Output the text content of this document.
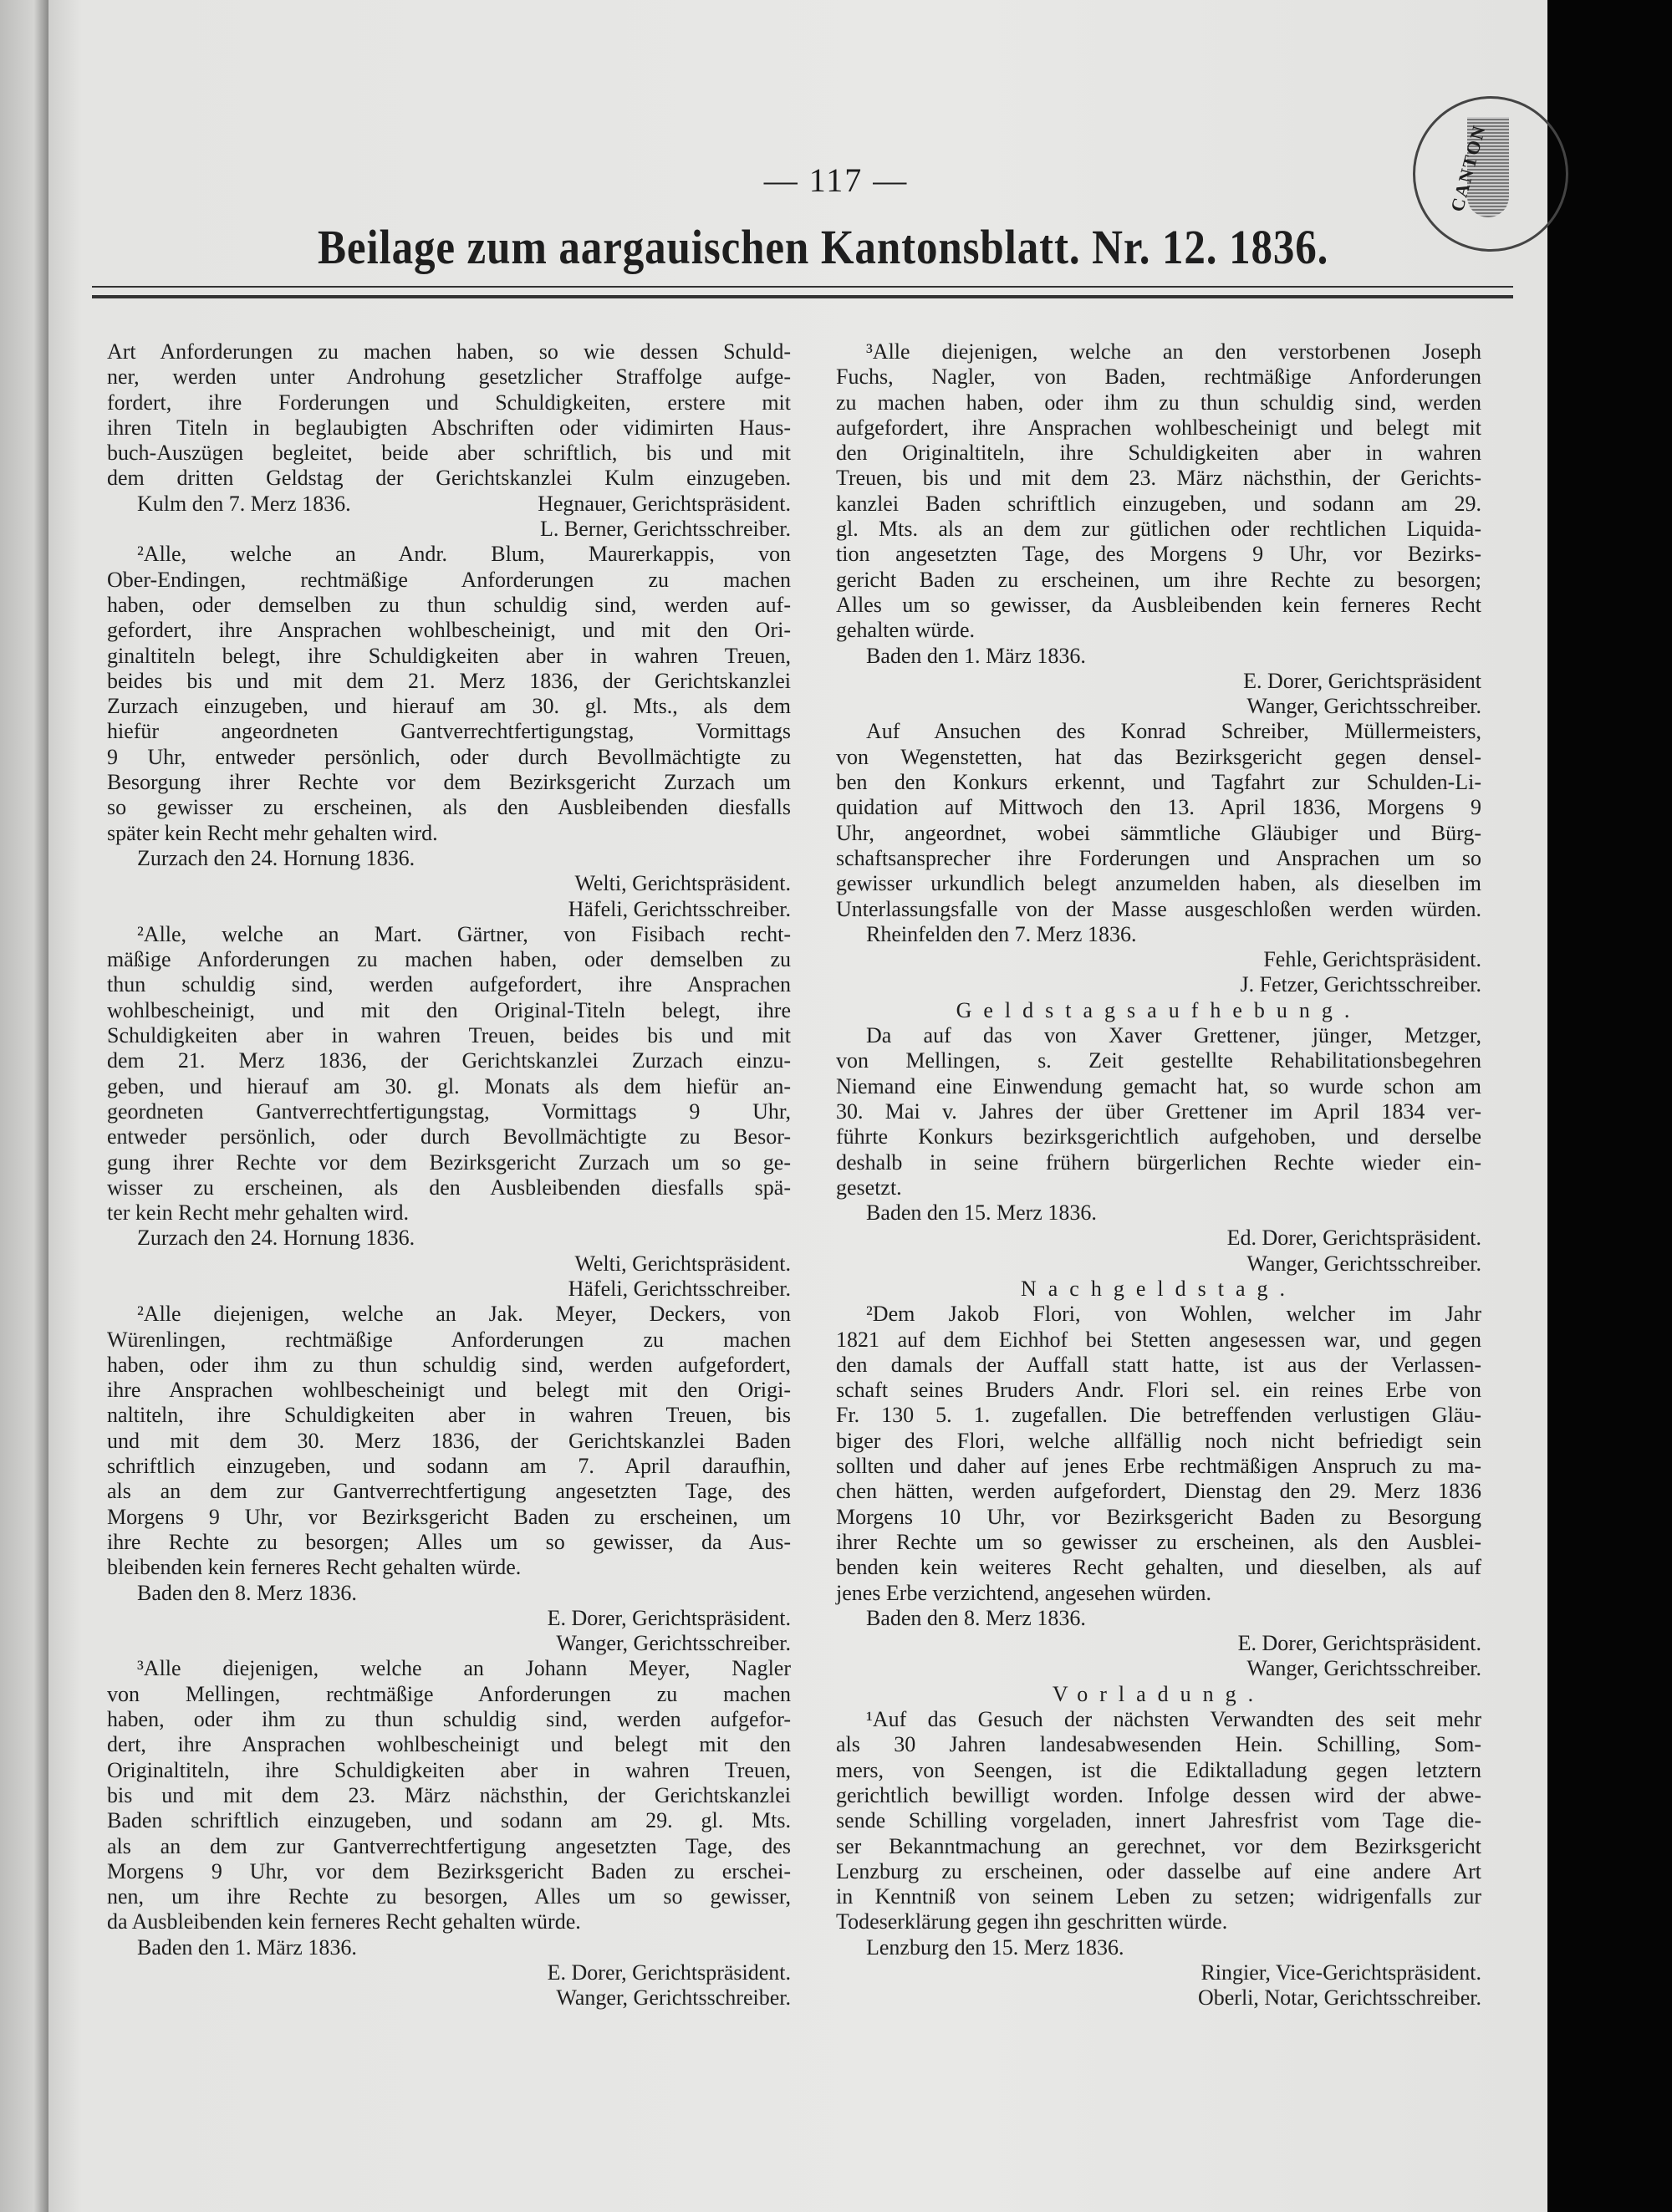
— 117 —
Beilage zum aargauischen Kantonsblatt. Nr. 12. 1836.
CANTON
Art Anforderungen zu machen haben, so wie dessen Schuld-
ner, werden unter Androhung gesetzlicher Straffolge aufge-
fordert, ihre Forderungen und Schuldigkeiten, erstere mit
ihren Titeln in beglaubigten Abschriften oder vidimirten Haus-
buch-Auszügen begleitet, beide aber schriftlich, bis und mit
dem dritten Geldstag der Gerichtskanzlei Kulm einzugeben.
Kulm den 7. Merz 1836.	Hegnauer, Gerichtspräsident.
L. Berner, Gerichtsschreiber.
²Alle, welche an Andr. Blum, Maurerkappis, von
Ober-Endingen, rechtmäßige Anforderungen zu machen
haben, oder demselben zu thun schuldig sind, werden auf-
gefordert, ihre Ansprachen wohlbescheinigt, und mit den Ori-
ginaltiteln belegt, ihre Schuldigkeiten aber in wahren Treuen,
beides bis und mit dem 21. Merz 1836, der Gerichtskanzlei
Zurzach einzugeben, und hierauf am 30. gl. Mts., als dem
hiefür angeordneten Gantverrechtfertigungstag, Vormittags
9 Uhr, entweder persönlich, oder durch Bevollmächtigte zu
Besorgung ihrer Rechte vor dem Bezirksgericht Zurzach um
so gewisser zu erscheinen, als den Ausbleibenden diesfalls
später kein Recht mehr gehalten wird.
Zurzach den 24. Hornung 1836.
Welti, Gerichtspräsident.
Häfeli, Gerichtsschreiber.
²Alle, welche an Mart. Gärtner, von Fisibach recht-
mäßige Anforderungen zu machen haben, oder demselben zu
thun schuldig sind, werden aufgefordert, ihre Ansprachen
wohlbescheinigt, und mit den Original-Titeln belegt, ihre
Schuldigkeiten aber in wahren Treuen, beides bis und mit
dem 21. Merz 1836, der Gerichtskanzlei Zurzach einzu-
geben, und hierauf am 30. gl. Monats als dem hiefür an-
geordneten Gantverrechtfertigungstag, Vormittags 9 Uhr,
entweder persönlich, oder durch Bevollmächtigte zu Besor-
gung ihrer Rechte vor dem Bezirksgericht Zurzach um so ge-
wisser zu erscheinen, als den Ausbleibenden diesfalls spä-
ter kein Recht mehr gehalten wird.
Zurzach den 24. Hornung 1836.
Welti, Gerichtspräsident.
Häfeli, Gerichtsschreiber.
²Alle diejenigen, welche an Jak. Meyer, Deckers, von
Würenlingen, rechtmäßige Anforderungen zu machen
haben, oder ihm zu thun schuldig sind, werden aufgefordert,
ihre Ansprachen wohlbescheinigt und belegt mit den Origi-
naltiteln, ihre Schuldigkeiten aber in wahren Treuen, bis
und mit dem 30. Merz 1836, der Gerichtskanzlei Baden
schriftlich einzugeben, und sodann am 7. April daraufhin,
als an dem zur Gantverrechtfertigung angesetzten Tage, des
Morgens 9 Uhr, vor Bezirksgericht Baden zu erscheinen, um
ihre Rechte zu besorgen; Alles um so gewisser, da Aus-
bleibenden kein ferneres Recht gehalten würde.
Baden den 8. Merz 1836.
E. Dorer, Gerichtspräsident.
Wanger, Gerichtsschreiber.
³Alle diejenigen, welche an Johann Meyer, Nagler
von Mellingen, rechtmäßige Anforderungen zu machen
haben, oder ihm zu thun schuldig sind, werden aufgefor-
dert, ihre Ansprachen wohlbescheinigt und belegt mit den
Originaltiteln, ihre Schuldigkeiten aber in wahren Treuen,
bis und mit dem 23. März nächsthin, der Gerichtskanzlei
Baden schriftlich einzugeben, und sodann am 29. gl. Mts.
als an dem zur Gantverrechtfertigung angesetzten Tage, des
Morgens 9 Uhr, vor dem Bezirksgericht Baden zu erschei-
nen, um ihre Rechte zu besorgen, Alles um so gewisser,
da Ausbleibenden kein ferneres Recht gehalten würde.
Baden den 1. März 1836.
E. Dorer, Gerichtspräsident.
Wanger, Gerichtsschreiber.
³Alle diejenigen, welche an den verstorbenen Joseph
Fuchs, Nagler, von Baden, rechtmäßige Anforderungen
zu machen haben, oder ihm zu thun schuldig sind, werden
aufgefordert, ihre Ansprachen wohlbescheinigt und belegt mit
den Originaltiteln, ihre Schuldigkeiten aber in wahren
Treuen, bis und mit dem 23. März nächsthin, der Gerichts-
kanzlei Baden schriftlich einzugeben, und sodann am 29.
gl. Mts. als an dem zur gütlichen oder rechtlichen Liquida-
tion angesetzten Tage, des Morgens 9 Uhr, vor Bezirks-
gericht Baden zu erscheinen, um ihre Rechte zu besorgen;
Alles um so gewisser, da Ausbleibenden kein ferneres Recht
gehalten würde.
Baden den 1. März 1836.
E. Dorer, Gerichtspräsident
Wanger, Gerichtsschreiber.
Auf Ansuchen des Konrad Schreiber, Müllermeisters,
von Wegenstetten, hat das Bezirksgericht gegen densel-
ben den Konkurs erkennt, und Tagfahrt zur Schulden-Li-
quidation auf Mittwoch den 13. April 1836, Morgens 9
Uhr, angeordnet, wobei sämmtliche Gläubiger und Bürg-
schaftsansprecher ihre Forderungen und Ansprachen um so
gewisser urkundlich belegt anzumelden haben, als dieselben im
Unterlassungsfalle von der Masse ausgeschloßen werden würden.
Rheinfelden den 7. Merz 1836.
Fehle, Gerichtspräsident.
J. Fetzer, Gerichtsschreiber.
Geldstagsaufhebung.
Da auf das von Xaver Grettener, jünger, Metzger,
von Mellingen, s. Zeit gestellte Rehabilitationsbegehren
Niemand eine Einwendung gemacht hat, so wurde schon am
30. Mai v. Jahres der über Grettener im April 1834 ver-
führte Konkurs bezirksgerichtlich aufgehoben, und derselbe
deshalb in seine frühern bürgerlichen Rechte wieder ein-
gesetzt.
Baden den 15. Merz 1836.
Ed. Dorer, Gerichtspräsident.
Wanger, Gerichtsschreiber.
Nachgeldstag.
²Dem Jakob Flori, von Wohlen, welcher im Jahr
1821 auf dem Eichhof bei Stetten angesessen war, und gegen
den damals der Auffall statt hatte, ist aus der Verlassen-
schaft seines Bruders Andr. Flori sel. ein reines Erbe von
Fr. 130 5. 1. zugefallen. Die betreffenden verlustigen Gläu-
biger des Flori, welche allfällig noch nicht befriedigt sein
sollten und daher auf jenes Erbe rechtmäßigen Anspruch zu ma-
chen hätten, werden aufgefordert, Dienstag den 29. Merz 1836
Morgens 10 Uhr, vor Bezirksgericht Baden zu Besorgung
ihrer Rechte um so gewisser zu erscheinen, als den Ausblei-
benden kein weiteres Recht gehalten, und dieselben, als auf
jenes Erbe verzichtend, angesehen würden.
Baden den 8. Merz 1836.
E. Dorer, Gerichtspräsident.
Wanger, Gerichtsschreiber.
Vorladung.
¹Auf das Gesuch der nächsten Verwandten des seit mehr
als 30 Jahren landesabwesenden Hein. Schilling, Som-
mers, von Seengen, ist die Ediktalladung gegen letztern
gerichtlich bewilligt worden. Infolge dessen wird der abwe-
sende Schilling vorgeladen, innert Jahresfrist vom Tage die-
ser Bekanntmachung an gerechnet, vor dem Bezirksgericht
Lenzburg zu erscheinen, oder dasselbe auf eine andere Art
in Kenntniß von seinem Leben zu setzen; widrigenfalls zur
Todeserklärung gegen ihn geschritten würde.
Lenzburg den 15. Merz 1836.
Ringier, Vice-Gerichtspräsident.
Oberli, Notar, Gerichtsschreiber.
